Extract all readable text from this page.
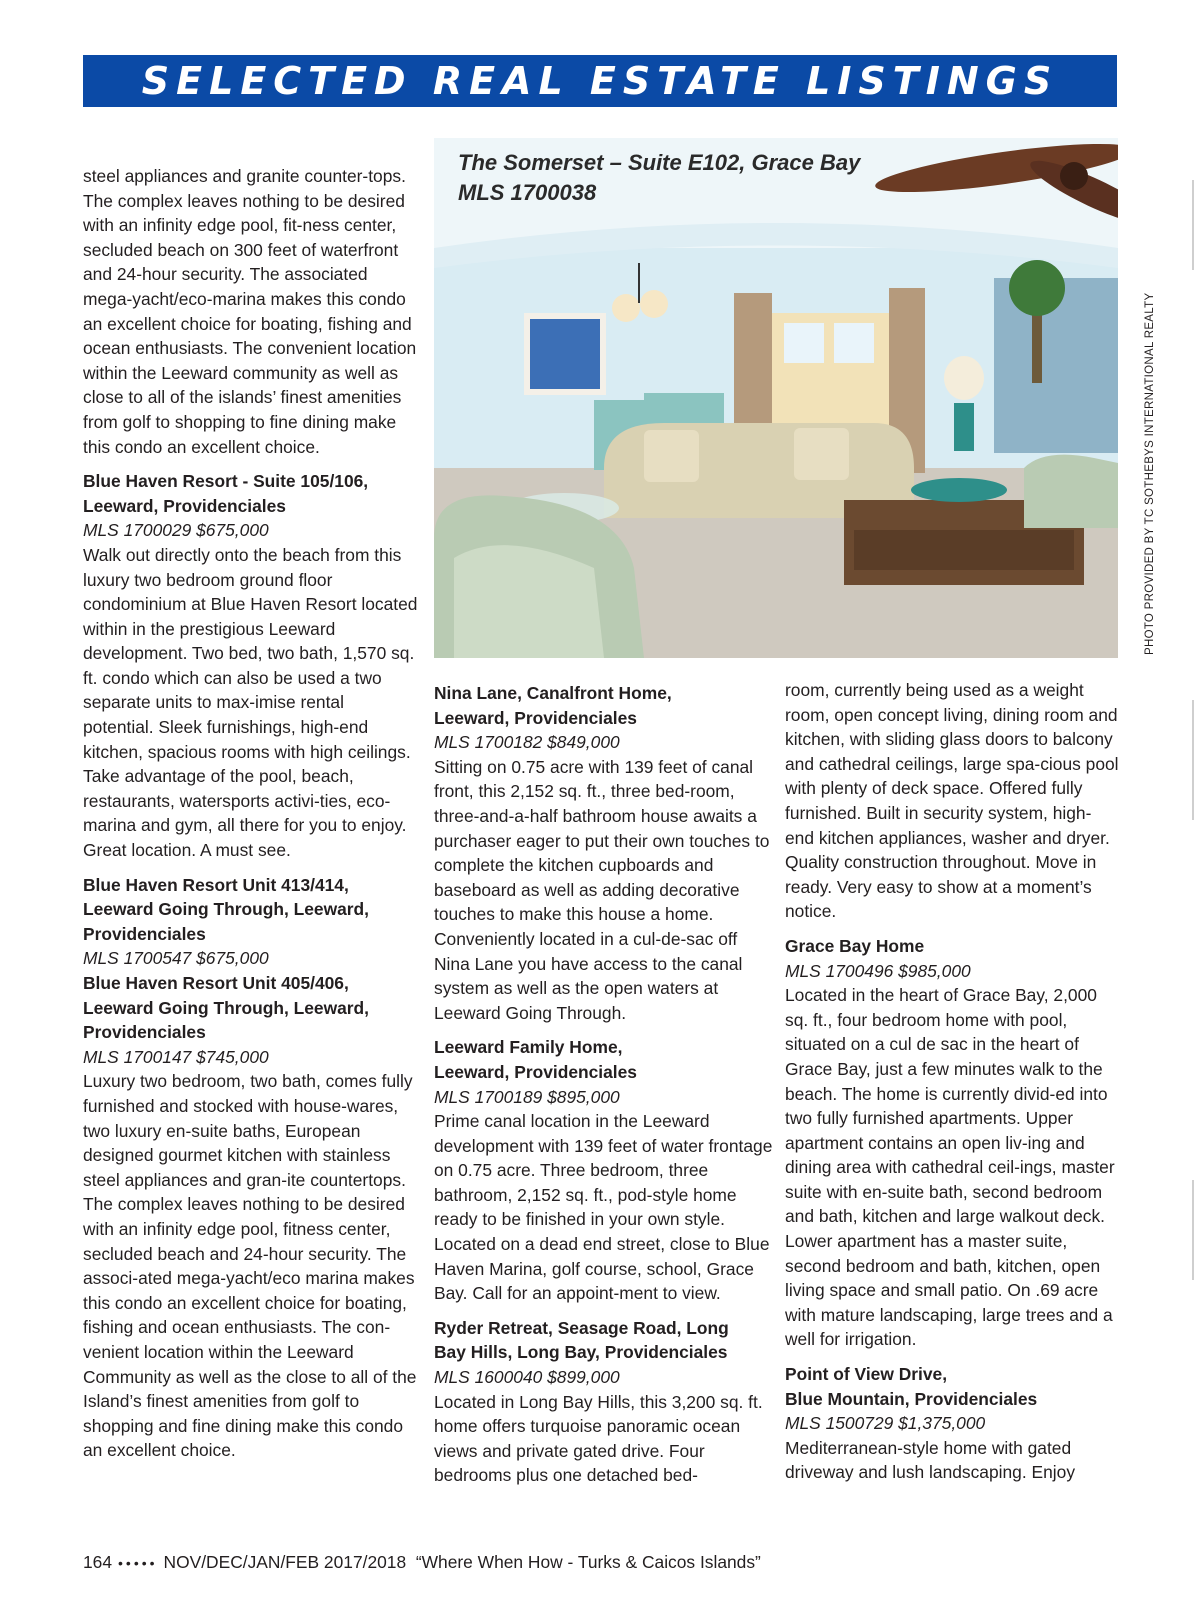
SELECTED REAL ESTATE LISTINGS

steel appliances and granite counter-tops. The complex leaves nothing to be desired with an infinity edge pool, fit-ness center, secluded beach on 300 feet of waterfront and 24-hour security. The associated mega-yacht/eco-marina makes this condo an excellent choice for boating, fishing and ocean enthusiasts. The convenient location within the Leeward community as well as close to all of the islands’ finest amenities from golf to shopping to fine dining make this condo an excellent choice.

Blue Haven Resort - Suite 105/106,

Leeward, Providenciales

MLS 1700029 $675,000

Walk out directly onto the beach from this luxury two bedroom ground floor condominium at Blue Haven Resort located within in the prestigious Leeward development. Two bed, two bath, 1,570 sq. ft. condo which can also be used a two separate units to max-imise rental potential. Sleek furnishings, high-end kitchen, spacious rooms with high ceilings. Take advantage of the pool, beach, restaurants, watersports activi-ties, eco-marina and gym, all there for you to enjoy. Great location. A must see.

Blue Haven Resort Unit 413/414,

Leeward Going Through, Leeward,

Providenciales

MLS 1700547 $675,000

Blue Haven Resort Unit 405/406,

Leeward Going Through, Leeward,

Providenciales

MLS 1700147 $745,000

Luxury two bedroom, two bath, comes fully furnished and stocked with house-wares, two luxury en-suite baths, European designed gourmet kitchen with stainless steel appliances and gran-ite countertops. The complex leaves nothing to be desired with an infinity edge pool, fitness center, secluded beach and 24-hour security. The associ-ated mega-yacht/eco marina makes this condo an excellent choice for boating, fishing and ocean enthusiasts. The con-venient location within the Leeward Community as well as the close to all of the Island’s finest amenities from golf to shopping and fine dining make this condo an excellent choice.

The Somerset – Suite E102, Grace Bay
MLS 1700038
PHOTO PROVIDED BY TC SOTHEBYS INTERNATIONAL REALTY

Nina Lane, Canalfront Home,

Leeward, Providenciales

MLS 1700182 $849,000

Sitting on 0.75 acre with 139 feet of canal front, this 2,152 sq. ft., three bed-room, three-and-a-half bathroom house awaits a purchaser eager to put their own touches to complete the kitchen cupboards and baseboard as well as adding decorative touches to make this house a home. Conveniently located in a cul-de-sac off Nina Lane you have access to the canal system as well as the open waters at Leeward Going Through.

Leeward Family Home,

Leeward, Providenciales

MLS 1700189 $895,000

Prime canal location in the Leeward development with 139 feet of water frontage on 0.75 acre. Three bedroom, three bathroom, 2,152 sq. ft., pod-style home ready to be finished in your own style. Located on a dead end street, close to Blue Haven Marina, golf course, school, Grace Bay. Call for an appoint-ment to view.

Ryder Retreat, Seasage Road, Long

Bay Hills, Long Bay, Providenciales

MLS 1600040 $899,000

Located in Long Bay Hills, this 3,200 sq. ft. home offers turquoise panoramic ocean views and private gated drive. Four bedrooms plus one detached bed-

room, currently being used as a weight room, open concept living, dining room and kitchen, with sliding glass doors to balcony and cathedral ceilings, large spa-cious pool with plenty of deck space. Offered fully furnished. Built in security system, high-end kitchen appliances, washer and dryer. Quality construction throughout. Move in ready. Very easy to show at a moment’s notice.

Grace Bay Home

MLS 1700496 $985,000

Located in the heart of Grace Bay, 2,000 sq. ft., four bedroom home with pool, situated on a cul de sac in the heart of Grace Bay, just a few minutes walk to the beach. The home is currently divid-ed into two fully furnished apartments. Upper apartment contains an open liv-ing and dining area with cathedral ceil-ings, master suite with en-suite bath, second bedroom and bath, kitchen and large walkout deck. Lower apartment has a master suite, second bedroom and bath, kitchen, open living space and small patio. On .69 acre with mature landscaping, large trees and a well for irrigation.

Point of View Drive,

Blue Mountain, Providenciales

MLS 1500729 $1,375,000

Mediterranean-style home with gated driveway and lush landscaping. Enjoy

164 ••••• NOV/DEC/JAN/FEB 2017/2018 “Where When How - Turks & Caicos Islands”
